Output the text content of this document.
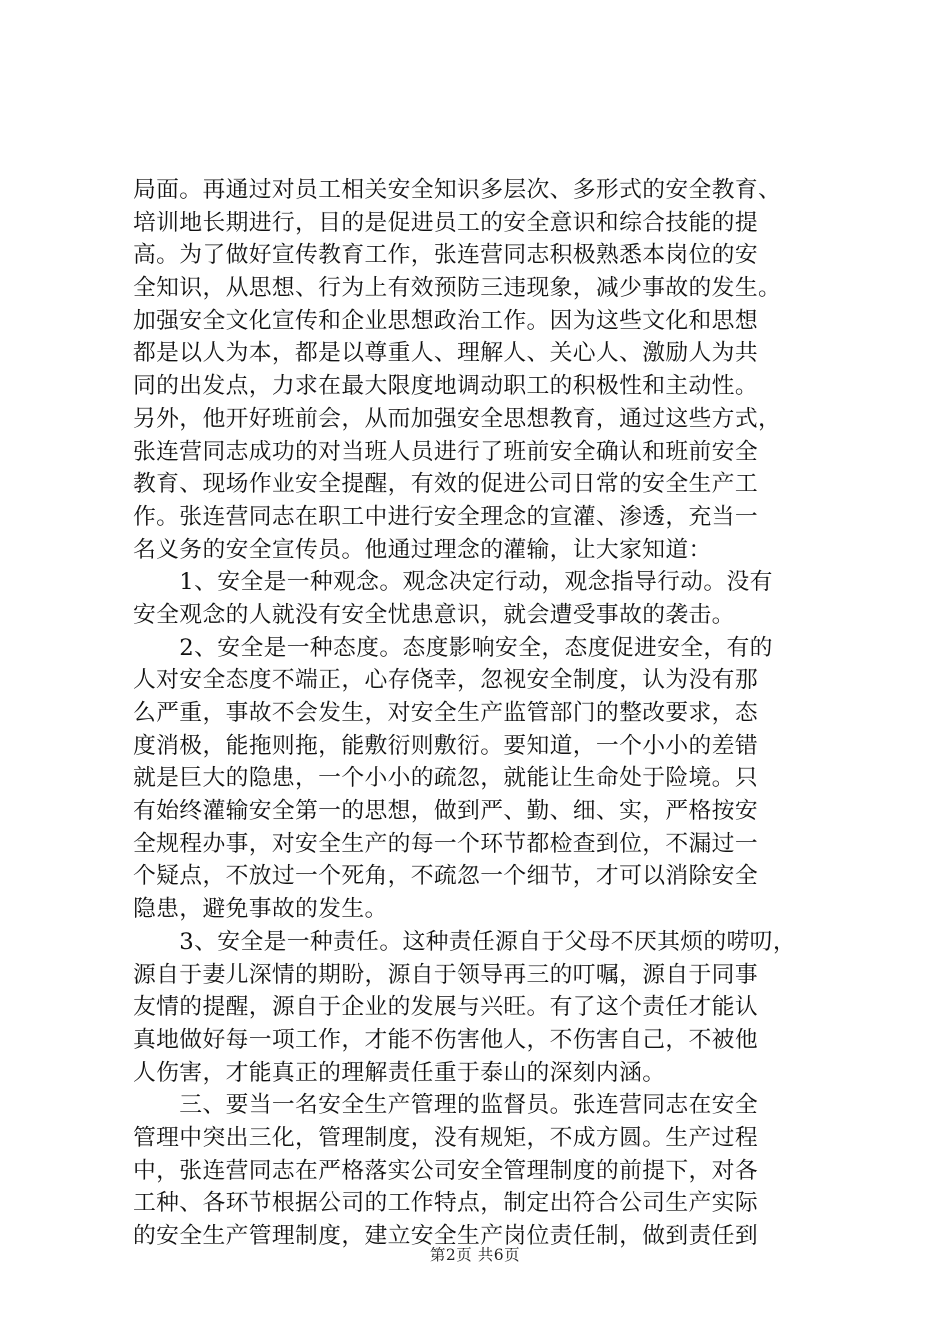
局面。再通过对员工相关安全知识多层次、多形式的安全教育、
培训地长期进行，目的是促进员工的安全意识和综合技能的提
高。为了做好宣传教育工作，张连营同志积极熟悉本岗位的安
全知识，从思想、行为上有效预防三违现象，减少事故的发生。
加强安全文化宣传和企业思想政治工作。因为这些文化和思想
都是以人为本，都是以尊重人、理解人、关心人、激励人为共
同的出发点，力求在最大限度地调动职工的积极性和主动性。
另外，他开好班前会，从而加强安全思想教育，通过这些方式，
张连营同志成功的对当班人员进行了班前安全确认和班前安全
教育、现场作业安全提醒，有效的促进公司日常的安全生产工
作。张连营同志在职工中进行安全理念的宣灌、渗透，充当一
名义务的安全宣传员。他通过理念的灌输，让大家知道：
　　1、安全是一种观念。观念决定行动，观念指导行动。没有
安全观念的人就没有安全忧患意识，就会遭受事故的袭击。
　　2、安全是一种态度。态度影响安全，态度促进安全，有的
人对安全态度不端正，心存侥幸，忽视安全制度，认为没有那
么严重，事故不会发生，对安全生产监管部门的整改要求，态
度消极，能拖则拖，能敷衍则敷衍。要知道，一个小小的差错
就是巨大的隐患，一个小小的疏忽，就能让生命处于险境。只
有始终灌输安全第一的思想，做到严、勤、细、实，严格按安
全规程办事，对安全生产的每一个环节都检查到位，不漏过一
个疑点，不放过一个死角，不疏忽一个细节，才可以消除安全
隐患，避免事故的发生。
　　3、安全是一种责任。这种责任源自于父母不厌其烦的唠叨，
源自于妻儿深情的期盼，源自于领导再三的叮嘱，源自于同事
友情的提醒，源自于企业的发展与兴旺。有了这个责任才能认
真地做好每一项工作，才能不伤害他人，不伤害自己，不被他
人伤害，才能真正的理解责任重于泰山的深刻内涵。
　　三、要当一名安全生产管理的监督员。张连营同志在安全
管理中突出三化，管理制度，没有规矩，不成方圆。生产过程
中，张连营同志在严格落实公司安全管理制度的前提下，对各
工种、各环节根据公司的工作特点，制定出符合公司生产实际
的安全生产管理制度，建立安全生产岗位责任制，做到责任到
第2页 共6页
